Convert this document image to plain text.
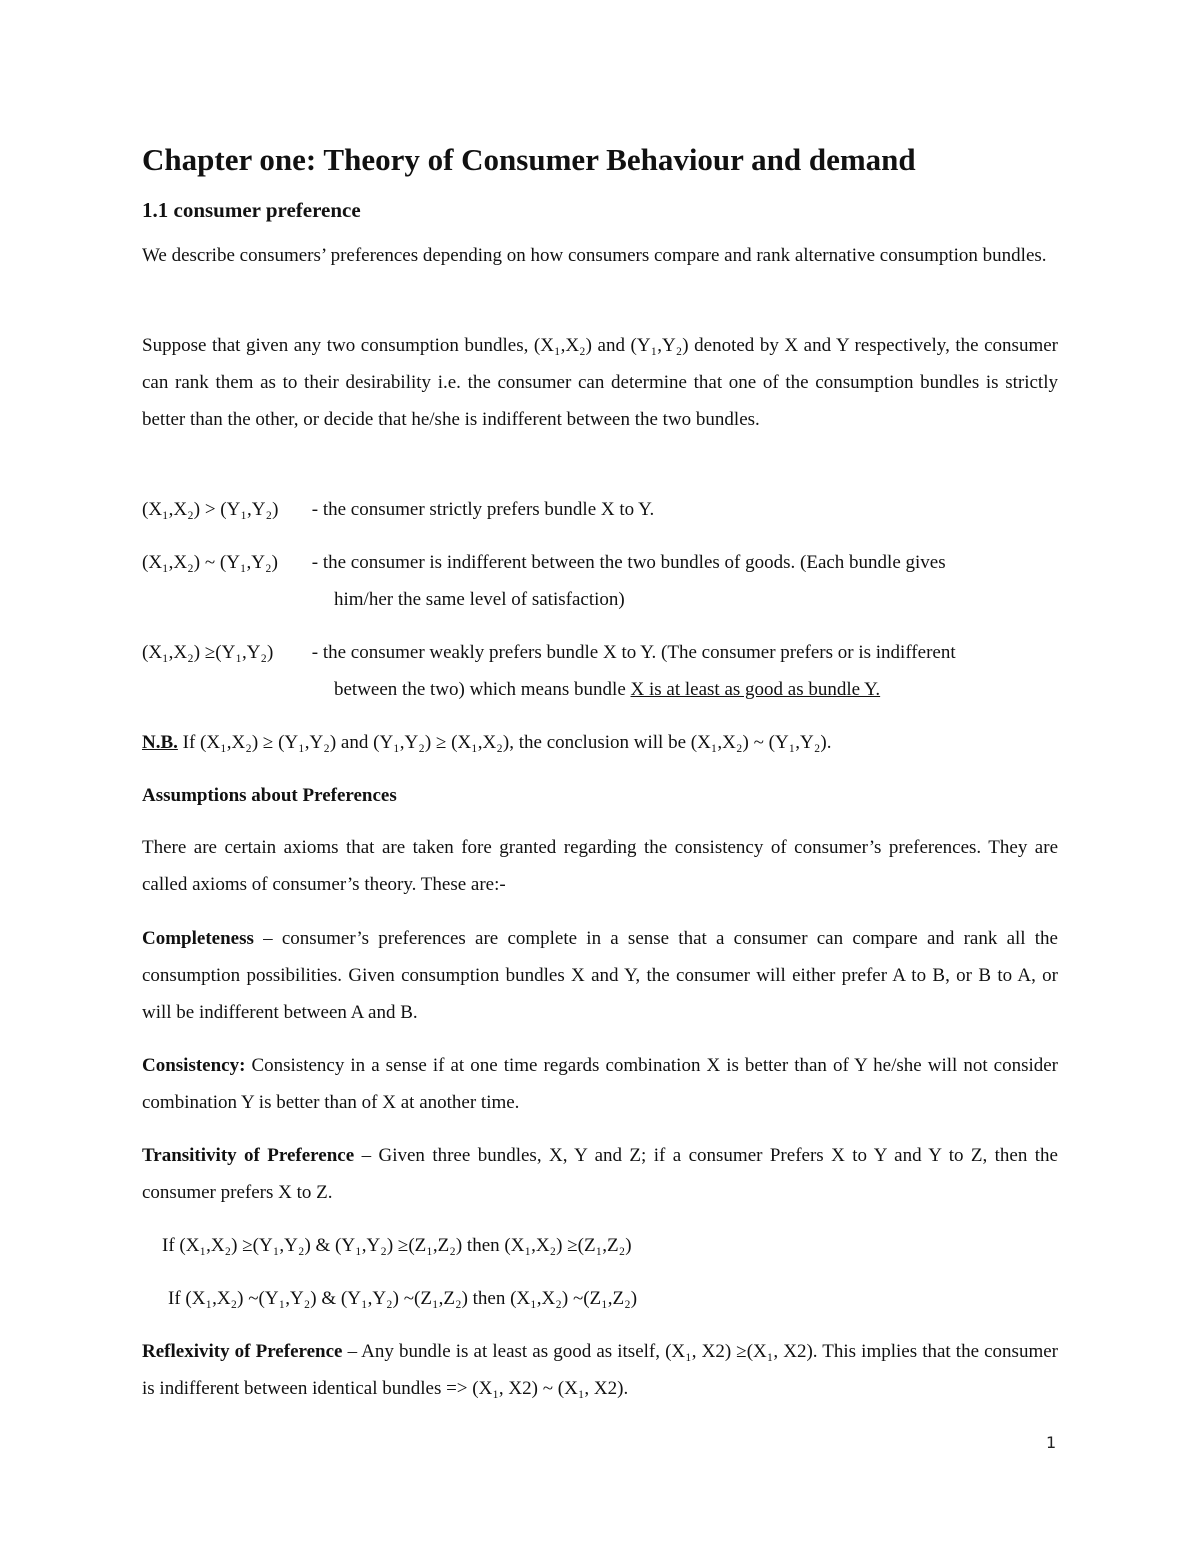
Chapter one: Theory of Consumer Behaviour and demand
1.1 consumer preference

We describe consumers’ preferences depending on how consumers compare and rank alternative consumption bundles.

Suppose that given any two consumption bundles, (X₁,X₂) and (Y₁,Y₂) denoted by X and Y respectively, the consumer can rank them as to their desirability i.e. the consumer can determine that one of the consumption bundles is strictly better than the other, or decide that he/she is indifferent between the two bundles.

(X₁,X₂) > (Y₁,Y₂) - the consumer strictly prefers bundle X to Y.
(X₁,X₂) ~ (Y₁,Y₂) - the consumer is indifferent between the two bundles of goods. (Each bundle gives
him/her the same level of satisfaction)
(X₁,X₂) ≥(Y₁,Y₂) - the consumer weakly prefers bundle X to Y. (The consumer prefers or is indifferent
between the two) which means bundle X is at least as good as bundle Y.

N.B. If (X₁,X₂) ≥ (Y₁,Y₂) and (Y₁,Y₂) ≥ (X₁,X₂), the conclusion will be (X₁,X₂) ~ (Y₁,Y₂).

Assumptions about Preferences

There are certain axioms that are taken fore granted regarding the consistency of consumer’s preferences. They are called axioms of consumer’s theory. These are:-

Completeness – consumer’s preferences are complete in a sense that a consumer can compare and rank all the consumption possibilities. Given consumption bundles X and Y, the consumer will either prefer A to B, or B to A, or will be indifferent between A and B.

Consistency: Consistency in a sense if at one time regards combination X is better than of Y he/she will not consider combination Y is better than of X at another time.

Transitivity of Preference – Given three bundles, X, Y and Z; if a consumer Prefers X to Y and Y to Z, then the consumer prefers X to Z.

If (X₁,X₂) ≥(Y₁,Y₂) & (Y₁,Y₂) ≥(Z₁,Z₂) then (X₁,X₂) ≥(Z₁,Z₂)

If (X₁,X₂) ~(Y₁,Y₂) & (Y₁,Y₂) ~(Z₁,Z₂) then (X₁,X₂) ~(Z₁,Z₂)

Reflexivity of Preference – Any bundle is at least as good as itself, (X₁, X2) ≥(X₁, X2). This implies that the consumer is indifferent between identical bundles => (X₁, X2) ~ (X₁, X2).

1
